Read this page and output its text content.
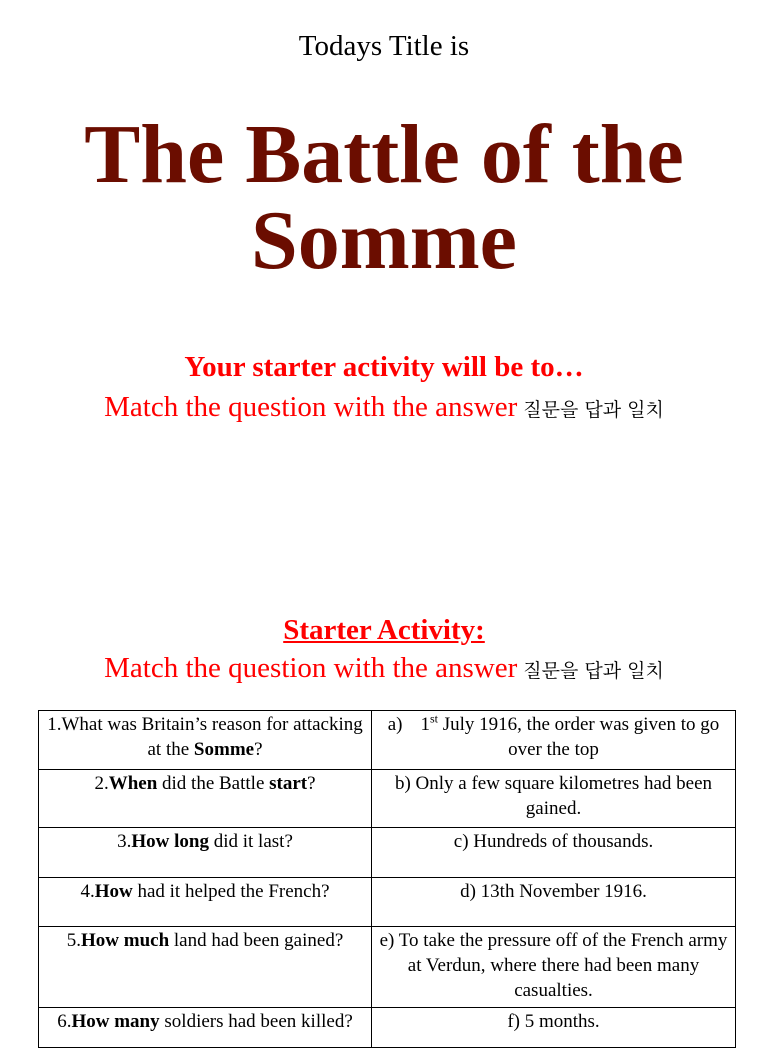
Todays Title is
The Battle of the
Somme
Your starter activity will be to…
Match the question with the answer 질문을 답과 일치
Starter Activity:
Match the question with the answer 질문을 답과 일치
1.What was Britain’s reason for attacking at the Somme?	a) 1st July 1916, the order was given to go over the top
2.When did the Battle start?	b) Only a few square kilometres had been gained.
3.How long did it last?	c) Hundreds of thousands.
4.How had it helped the French?	d) 13th November 1916.
5.How much land had been gained?	e) To take the pressure off of the French army at Verdun, where there had been many casualties.
6.How many soldiers had been killed?	f) 5 months.
